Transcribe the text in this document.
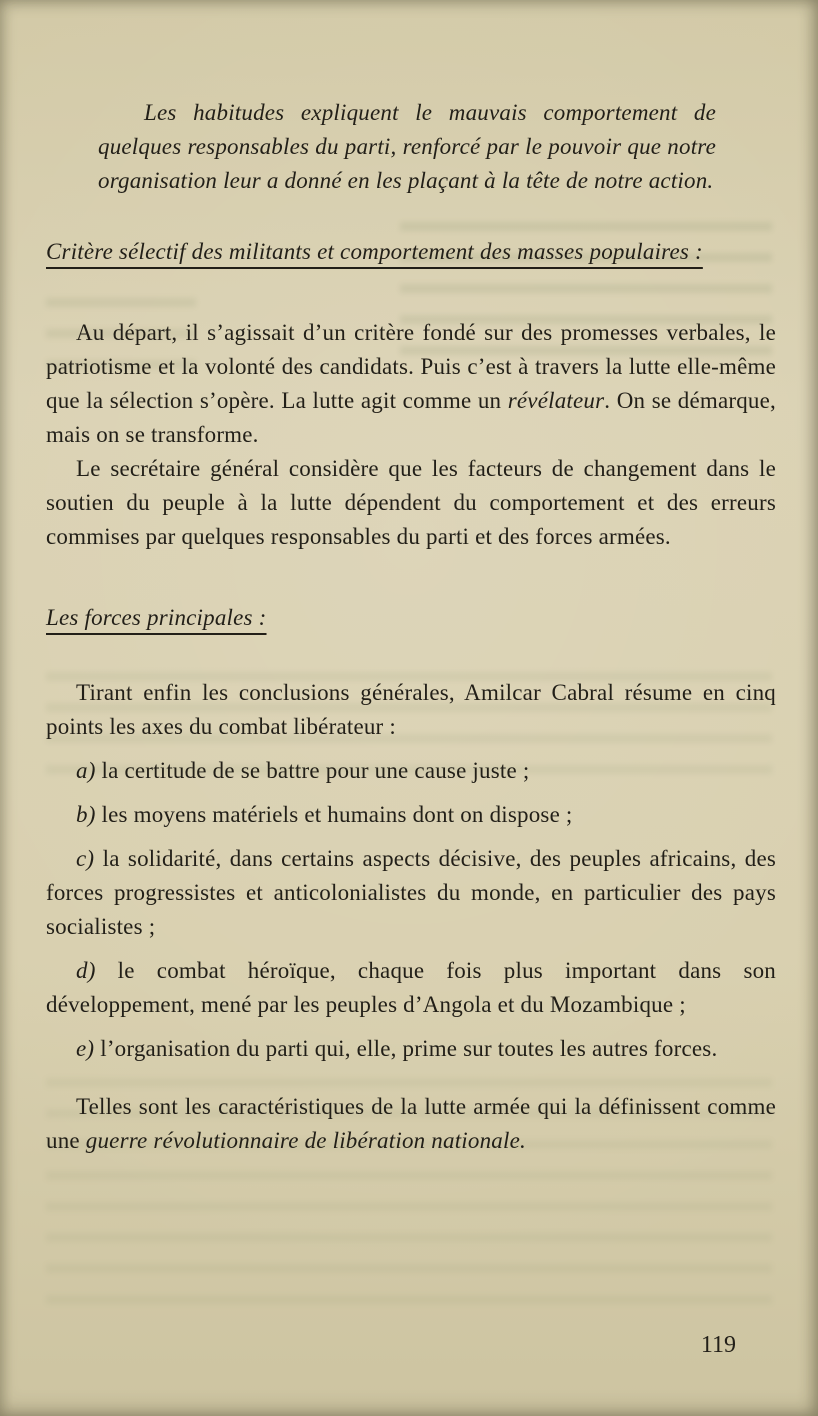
Les habitudes expliquent le mauvais comportement de quelques responsables du parti, renforcé par le pouvoir que notre organisation leur a donné en les plaçant à la tête de notre action.

Critère sélectif des militants et comportement des masses populaires :

Au départ, il s’agissait d’un critère fondé sur des promesses verbales, le patriotisme et la volonté des candidats. Puis c’est à travers la lutte elle-même que la sélection s’opère. La lutte agit comme un révélateur. On se démarque, mais on se transforme.

Le secrétaire général considère que les facteurs de changement dans le soutien du peuple à la lutte dépendent du comportement et des erreurs commises par quelques responsables du parti et des forces armées.

Les forces principales :

Tirant enfin les conclusions générales, Amilcar Cabral résume en cinq points les axes du combat libérateur :

a) la certitude de se battre pour une cause juste ;

b) les moyens matériels et humains dont on dispose ;

c) la solidarité, dans certains aspects décisive, des peuples africains, des forces progressistes et anticolonialistes du monde, en particulier des pays socialistes ;

d) le combat héroïque, chaque fois plus important dans son développement, mené par les peuples d’Angola et du Mozambique ;

e) l’organisation du parti qui, elle, prime sur toutes les autres forces.

Telles sont les caractéristiques de la lutte armée qui la définissent comme une guerre révolutionnaire de libération nationale.

119
